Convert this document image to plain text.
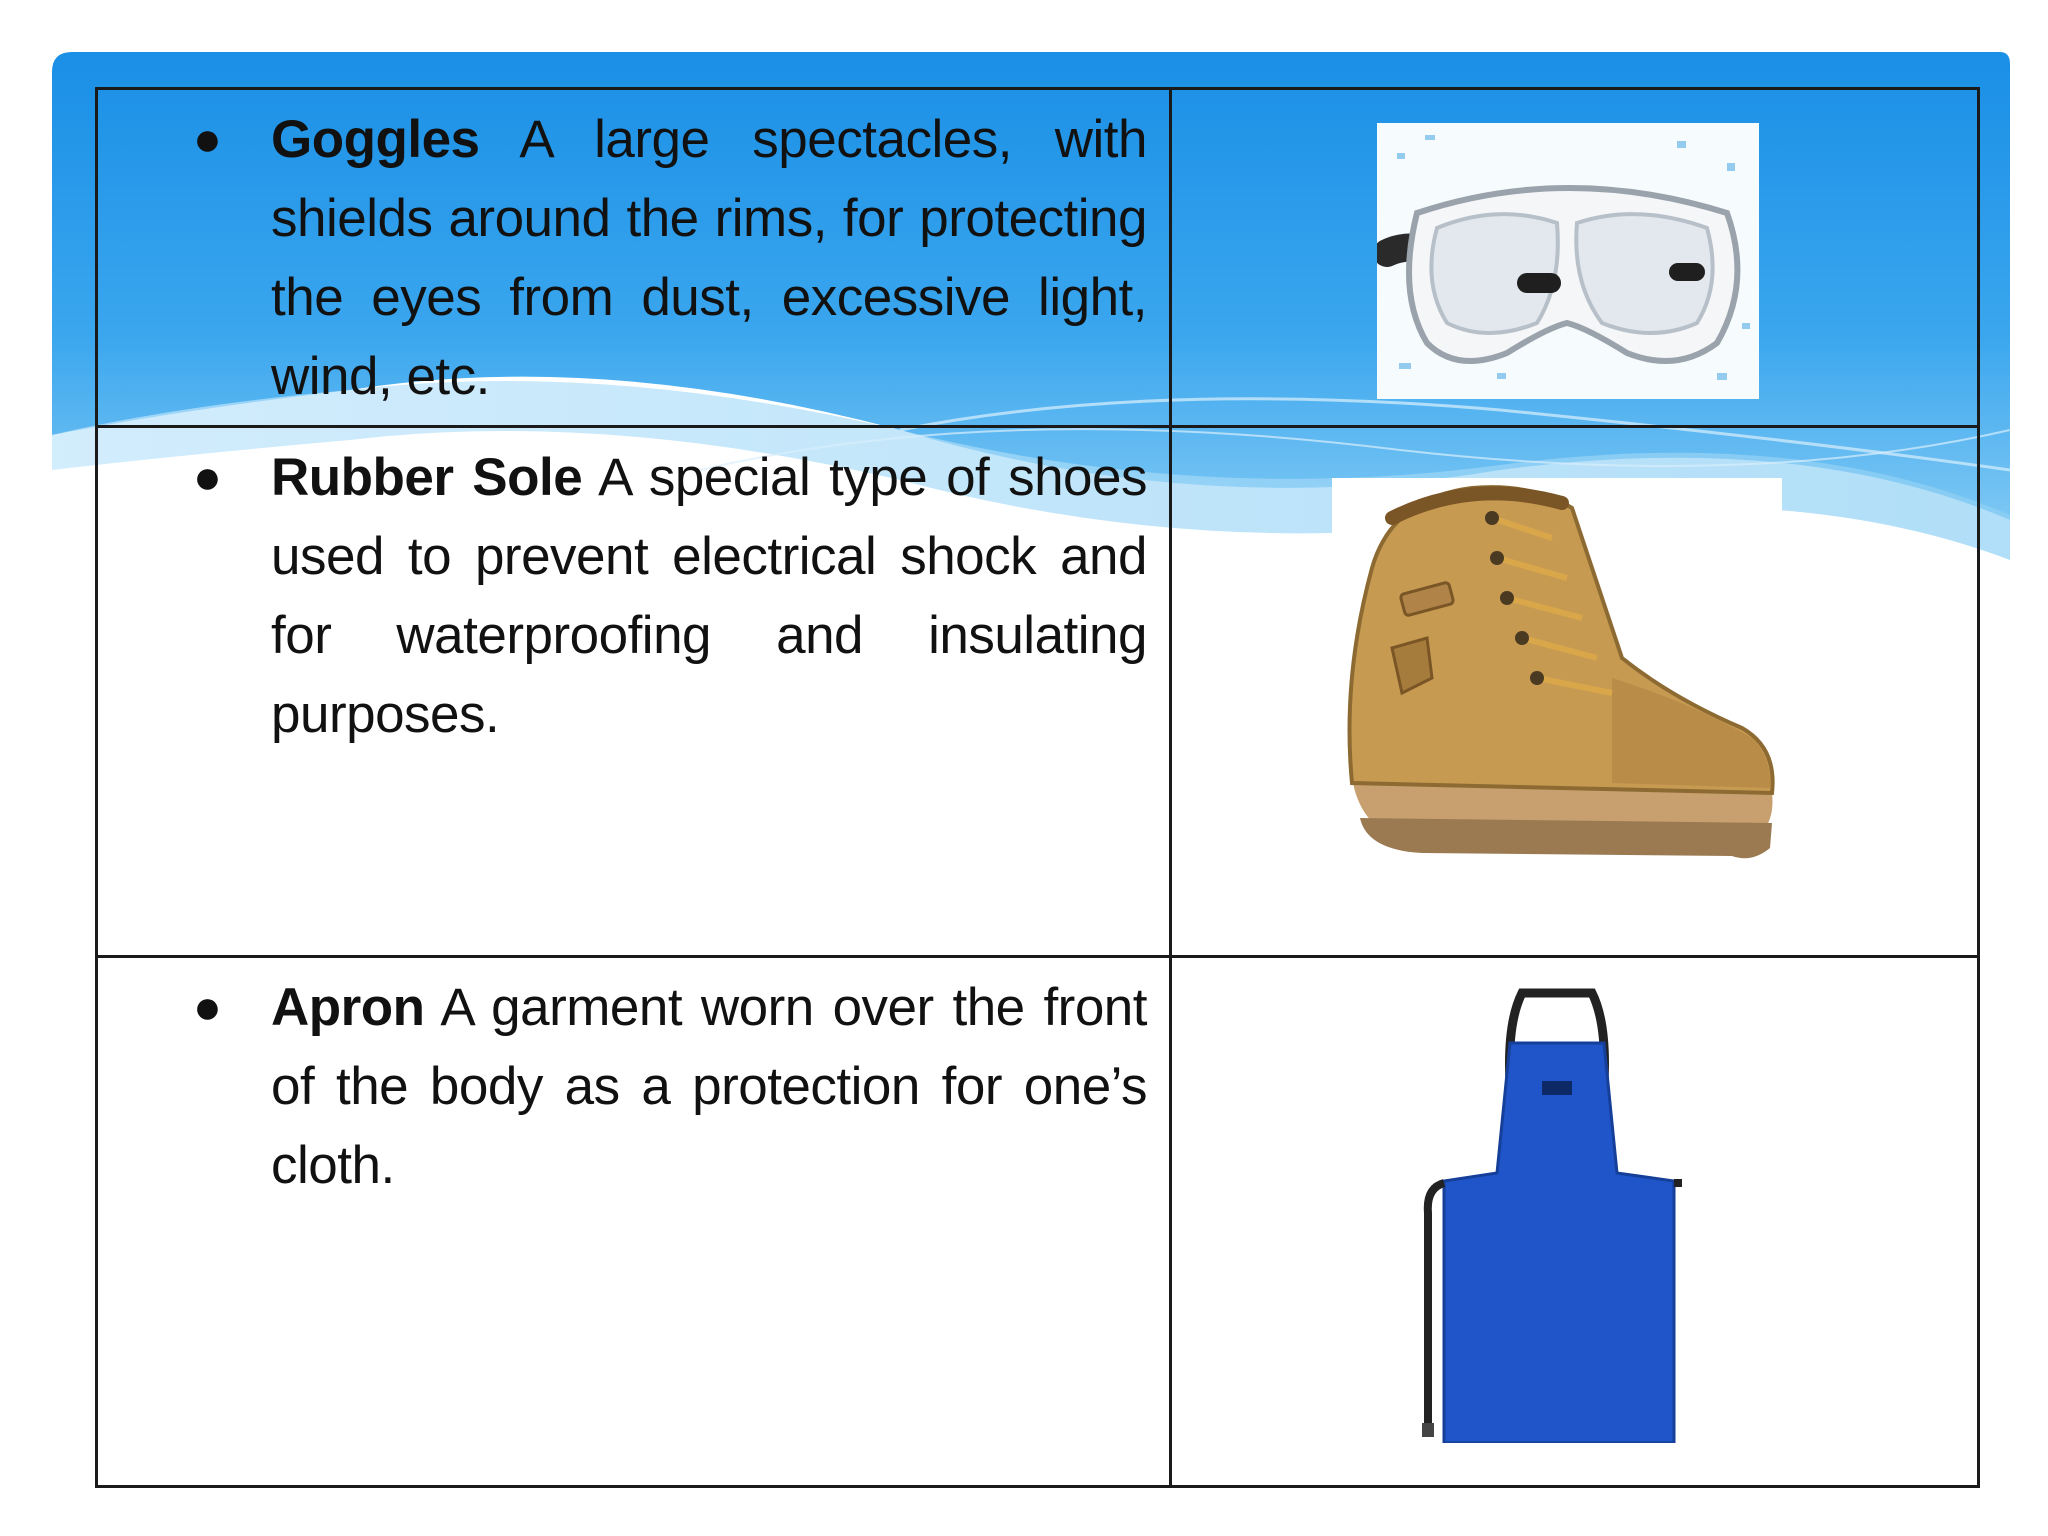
● Goggles A large spectacles, with shields around the rims, for protecting the eyes from dust, excessive light, wind, etc.

● Rubber Sole A special type of shoes used to prevent electrical shock and for waterproofing and insulating purposes.

● Apron A garment worn over the front of the body as a protection for one’s cloth.
